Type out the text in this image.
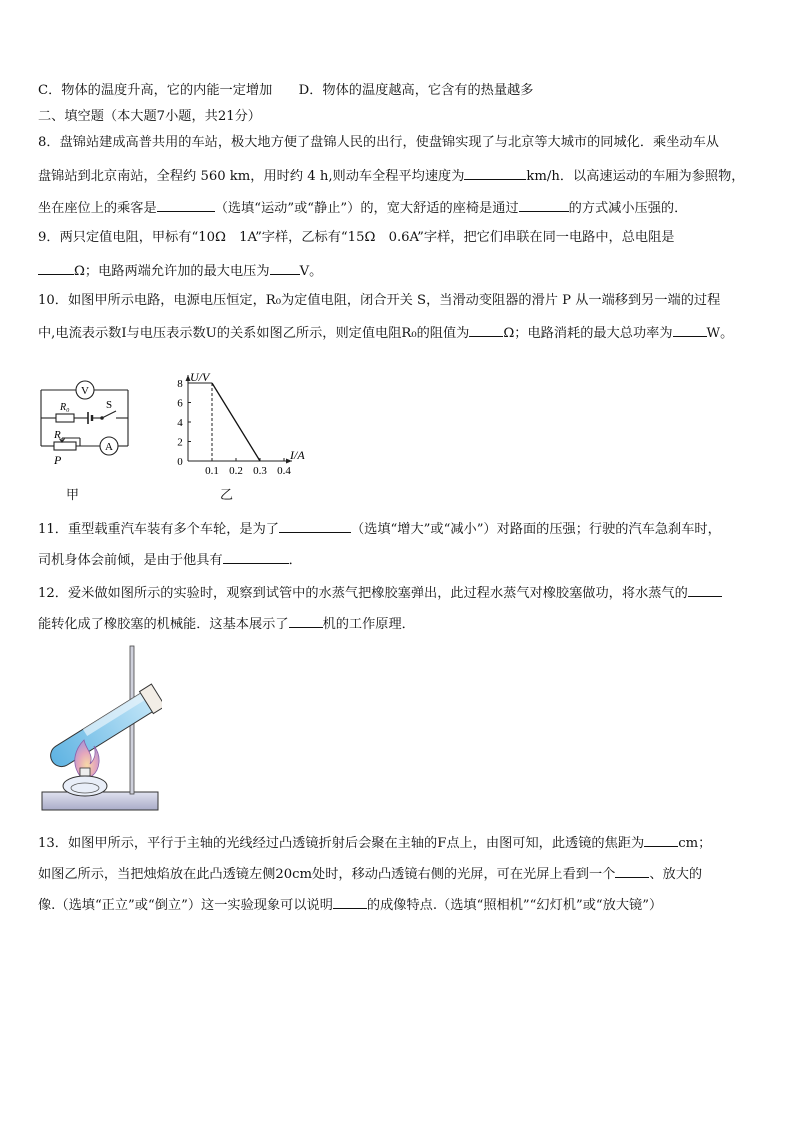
C．物体的温度升高，它的内能一定增加　　D．物体的温度越高，它含有的热量越多
二、填空题（本大题7小题，共21分）
8．盘锦站建成高普共用的车站，极大地方便了盘锦人民的出行，使盘锦实现了与北京等大城市的同城化．乘坐动车从
盘锦站到北京南站，全程约 560 km，用时约 4 h,则动车全程平均速度为	km/h．以高速运动的车厢为参照物，
坐在座位上的乘客是	（选填“运动”或“静止”）的，宽大舒适的座椅是通过	的方式减小压强的．
9．两只定值电阻，甲标有“10Ω　1A”字样，乙标有“15Ω　0.6A”字样，把它们串联在同一电路中，总电阻是
Ω；电路两端允许加的最大电压为 V。
10．如图甲所示电路，电源电压恒定，R₀为定值电阻，闭合开关 S，当滑动变阻器的滑片 P 从一端移到另一端的过程
中,电流表示数I与电压表示数U的关系如图乙所示，则定值电阻R₀的阻值为	Ω；电路消耗的最大总功率为	W。
V
A
R₀	S
R
P
甲
U/V
I/A
0
0.1 0.2 0.3 0.4
2
4
6
8
乙
11．重型载重汽车装有多个车轮，是为了	（选填“增大”或“减小”）对路面的压强；行驶的汽车急刹车时，
司机身体会前倾，是由于他具有	．
12．爱米做如图所示的实验时，观察到试管中的水蒸气把橡胶塞弹出，此过程水蒸气对橡胶塞做功，将水蒸气的
能转化成了橡胶塞的机械能．这基本展示了	机的工作原理．
13．如图甲所示，平行于主轴的光线经过凸透镜折射后会聚在主轴的F点上，由图可知，此透镜的焦距为	cm；
如图乙所示，当把烛焰放在此凸透镜左侧20cm处时，移动凸透镜右侧的光屏，可在光屏上看到一个	、放大的
像.（选填“正立”或“倒立”）这一实验现象可以说明	的成像特点.（选填“照相机”“幻灯机”或“放大镜”）
